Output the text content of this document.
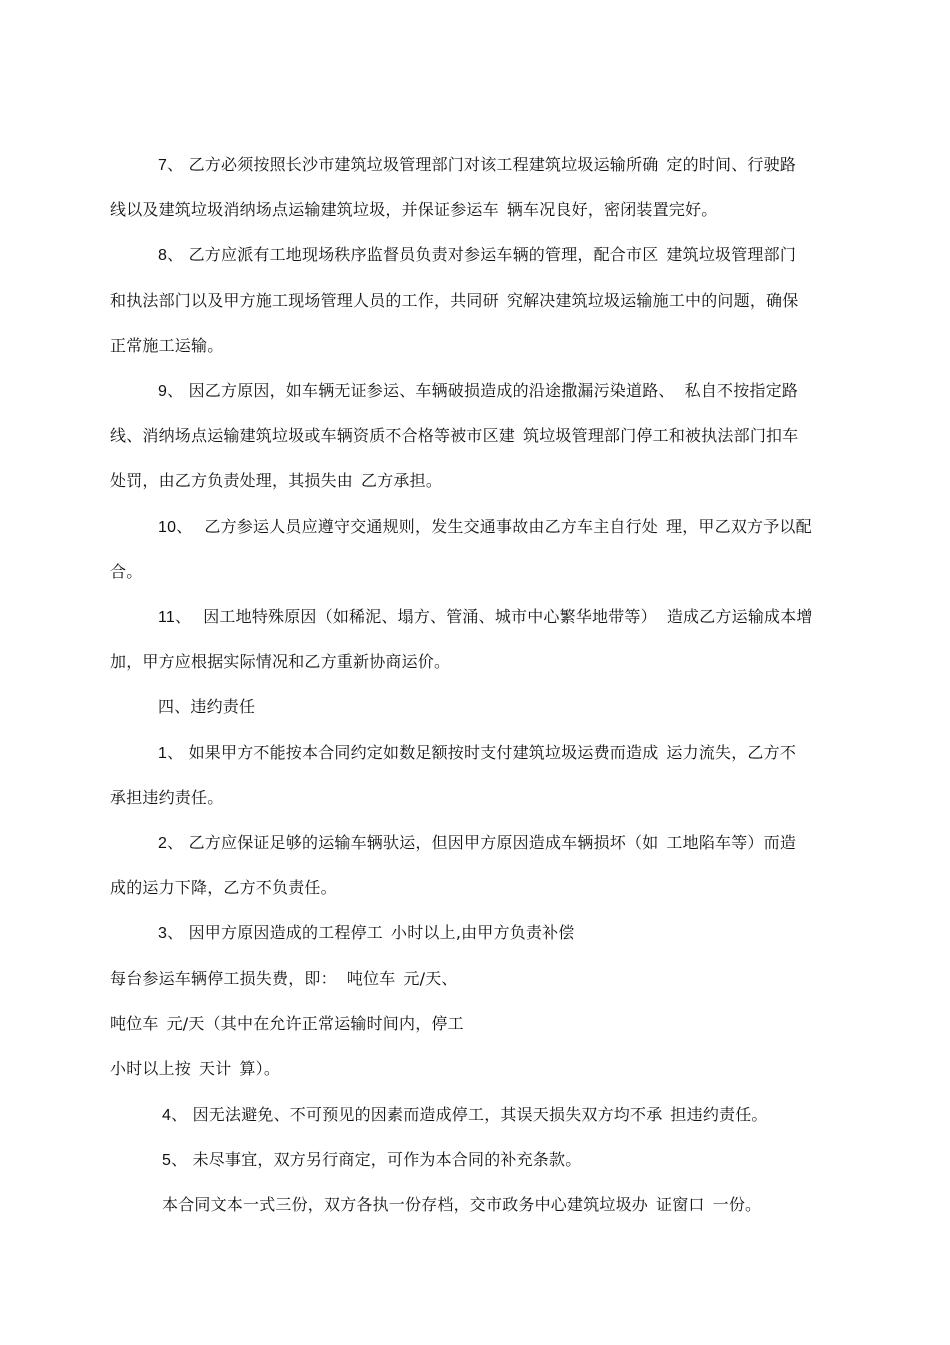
7、 乙方必须按照长沙市建筑垃圾管理部门对该工程建筑垃圾运输所确 定的时间、行驶路
线以及建筑垃圾消纳场点运输建筑垃圾，并保证参运车 辆车况良好，密闭装置完好。
8、 乙方应派有工地现场秩序监督员负责对参运车辆的管理，配合市区 建筑垃圾管理部门
和执法部门以及甲方施工现场管理人员的工作，共同研 究解决建筑垃圾运输施工中的问题，确保
正常施工运输。
9、 因乙方原因，如车辆无证参运、车辆破损造成的沿途撒漏污染道路、 私自不按指定路
线、消纳场点运输建筑垃圾或车辆资质不合格等被市区建 筑垃圾管理部门停工和被执法部门扣车
处罚，由乙方负责处理，其损失由 乙方承担。
10、 乙方参运人员应遵守交通规则，发生交通事故由乙方车主自行处 理，甲乙双方予以配
合。
11、 因工地特殊原因（如稀泥、塌方、管涌、城市中心繁华地带等） 造成乙方运输成本增
加，甲方应根据实际情况和乙方重新协商运价。
四、违约责任
1、 如果甲方不能按本合同约定如数足额按时支付建筑垃圾运费而造成 运力流失，乙方不
承担违约责任。
2、 乙方应保证足够的运输车辆驮运，但因甲方原因造成车辆损坏（如 工地陷车等）而造
成的运力下降，乙方不负责任。
3、 因甲方原因造成的工程停工 小时以上,由甲方负责补偿
每台参运车辆停工损失费，即： 吨位车 元/天、
吨位车 元/天（其中在允许正常运输时间内，停工
小时以上按 天计 算）。
4、 因无法避免、不可预见的因素而造成停工，其误天损失双方均不承 担违约责任。
5、 未尽事宜，双方另行商定，可作为本合同的补充条款。
本合同文本一式三份，双方各执一份存档，交市政务中心建筑垃圾办 证窗口 一份。
